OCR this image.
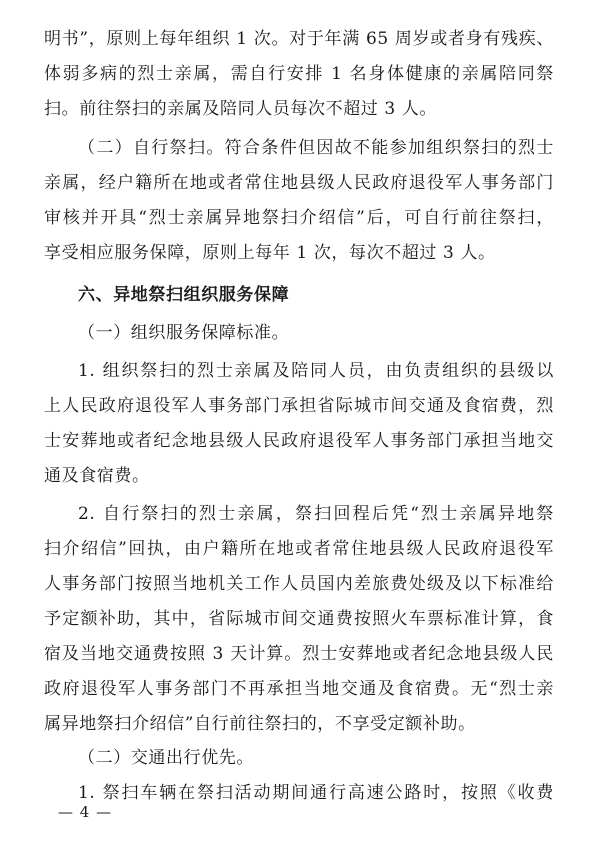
明书”，原则上每年组织 1 次。对于年满 65 周岁或者身有残疾、
体弱多病的烈士亲属，需自行安排 1 名身体健康的亲属陪同祭
扫。前往祭扫的亲属及陪同人员每次不超过 3 人。
（二）自行祭扫。符合条件但因故不能参加组织祭扫的烈士
亲属，经户籍所在地或者常住地县级人民政府退役军人事务部门
审核并开具“烈士亲属异地祭扫介绍信”后，可自行前往祭扫，
享受相应服务保障，原则上每年 1 次，每次不超过 3 人。
六、异地祭扫组织服务保障
（一）组织服务保障标准。
1. 组织祭扫的烈士亲属及陪同人员，由负责组织的县级以
上人民政府退役军人事务部门承担省际城市间交通及食宿费，烈
士安葬地或者纪念地县级人民政府退役军人事务部门承担当地交
通及食宿费。
2. 自行祭扫的烈士亲属，祭扫回程后凭“烈士亲属异地祭
扫介绍信”回执，由户籍所在地或者常住地县级人民政府退役军
人事务部门按照当地机关工作人员国内差旅费处级及以下标准给
予定额补助，其中，省际城市间交通费按照火车票标准计算，食
宿及当地交通费按照 3 天计算。烈士安葬地或者纪念地县级人民
政府退役军人事务部门不再承担当地交通及食宿费。无“烈士亲
属异地祭扫介绍信”自行前往祭扫的，不享受定额补助。
（二）交通出行优先。
1. 祭扫车辆在祭扫活动期间通行高速公路时，按照《收费
— 4 —
